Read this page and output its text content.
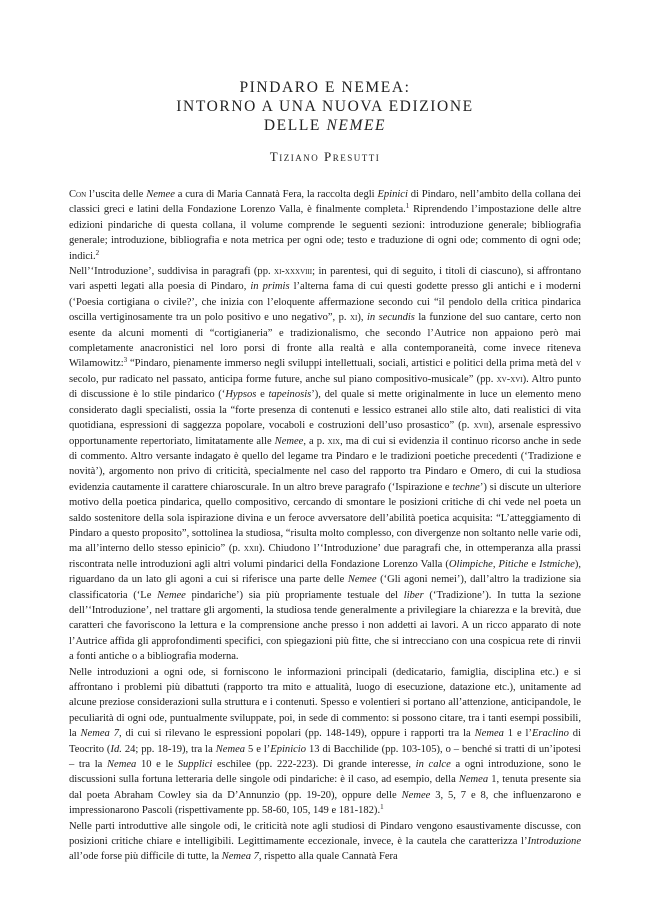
PINDARO E NEMEA:
INTORNO A UNA NUOVA EDIZIONE
DELLE NEMEE
Tiziano Presutti

Con l’uscita delle Nemee a cura di Maria Cannatà Fera, la raccolta degli Epinici di Pindaro, nell’ambito della collana dei classici greci e latini della Fondazione Lorenzo Valla, è finalmente completa.$^1$ Riprendendo l’impostazione delle altre edizioni pindariche di questa collana, il volume comprende le seguenti sezioni: introduzione generale; bibliografia generale; introduzione, bibliografia e nota metrica per ogni ode; testo e traduzione di ogni ode; commento di ogni ode; indici.$^2$

Nell’‘Introduzione’, suddivisa in paragrafi (pp. xi-xxxviii; in parentesi, qui di seguito, i titoli di ciascuno), si affrontano vari aspetti legati alla poesia di Pindaro, in primis l’alterna fama di cui questi godette presso gli antichi e i moderni (‘Poesia cortigiana o civile?’, che inizia con l’eloquente affermazione secondo cui “il pendolo della critica pindarica oscilla vertiginosamente tra un polo positivo e uno negativo”, p. xi), in secundis la funzione del suo cantare, certo non esente da alcuni momenti di “cortigianeria” e tradizionalismo, che secondo l’Autrice non appaiono però mai completamente anacronistici nel loro porsi di fronte alla realtà e alla contemporaneità, come invece riteneva Wilamowitz:$^3$ “Pindaro, pienamente immerso negli sviluppi intellettuali, sociali, artistici e politici della prima metà del v secolo, pur radicato nel passato, anticipa forme future, anche sul piano compositivo-musicale” (pp. xv-xvi). Altro punto di discussione è lo stile pindarico (‘Hypsos e tapeinosis’), del quale si mette originalmente in luce un elemento meno considerato dagli specialisti, ossia la “forte presenza di contenuti e lessico estranei allo stile alto, dati realistici di vita quotidiana, espressioni di saggezza popolare, vocaboli e costruzioni dell’uso prosastico” (p. xvii), arsenale espressivo opportunamente repertoriato, limitatamente alle Nemee, a p. xix, ma di cui si evidenzia il continuo ricorso anche in sede di commento. Altro versante indagato è quello del legame tra Pindaro e le tradizioni poetiche precedenti (‘Tradizione e novità’), argomento non privo di criticità, specialmente nel caso del rapporto tra Pindaro e Omero, di cui la studiosa evidenzia cautamente il carattere chiaroscurale. In un altro breve paragrafo (‘Ispirazione e techne’) si discute un ulteriore motivo della poetica pindarica, quello compositivo, cercando di smontare le posizioni critiche di chi vede nel poeta un saldo sostenitore della sola ispirazione divina e un feroce avversatore dell’abilità poetica acquisita: “L’atteggiamento di Pindaro a questo proposito”, sottolinea la studiosa, “risulta molto complesso, con divergenze non soltanto nelle varie odi, ma all’interno dello stesso epinicio” (p. xxii). Chiudono l’‘Introduzione’ due paragrafi che, in ottemperanza alla prassi riscontrata nelle introduzioni agli altri volumi pindarici della Fondazione Lorenzo Valla (Olimpiche, Pitiche e Istmiche), riguardano da un lato gli agoni a cui si riferisce una parte delle Nemee (‘Gli agoni nemei’), dall’altro la tradizione sia classificatoria (‘Le Nemee pindariche’) sia più propriamente testuale del liber (‘Tradizione’). In tutta la sezione dell’‘Introduzione’, nel trattare gli argomenti, la studiosa tende generalmente a privilegiare la chiarezza e la brevità, due caratteri che favoriscono la lettura e la comprensione anche presso i non addetti ai lavori. A un ricco apparato di note l’Autrice affida gli approfondimenti specifici, con spiegazioni più fitte, che si intrecciano con una cospicua rete di rinvii a fonti antiche o a bibliografia moderna.

Nelle introduzioni a ogni ode, si forniscono le informazioni principali (dedicatario, famiglia, disciplina etc.) e si affrontano i problemi più dibattuti (rapporto tra mito e attualità, luogo di esecuzione, datazione etc.), unitamente ad alcune preziose considerazioni sulla struttura e i contenuti. Spesso e volentieri si portano all’attenzione, anticipandole, le peculiarità di ogni ode, puntualmente sviluppate, poi, in sede di commento: si possono citare, tra i tanti esempi possibili, la Nemea 7, di cui si rilevano le espressioni popolari (pp. 148-149), oppure i rapporti tra la Nemea 1 e l’Eraclino di Teocrito (Id. 24; pp. 18-19), tra la Nemea 5 e l’Epinicio 13 di Bacchilide (pp. 103-105), o – benché si tratti di un’ipotesi – tra la Nemea 10 e le Supplici eschilee (pp. 222-223). Di grande interesse, in calce a ogni introduzione, sono le discussioni sulla fortuna letteraria delle singole odi pindariche: è il caso, ad esempio, della Nemea 1, tenuta presente sia dal poeta Abraham Cowley sia da D’Annunzio (pp. 19-20), oppure delle Nemee 3, 5, 7 e 8, che influenzarono e impressionarono Pascoli (rispettivamente pp. 58-60, 105, 149 e 181-182).$^1$

Nelle parti introduttive alle singole odi, le criticità note agli studiosi di Pindaro vengono esaustivamente discusse, con posizioni critiche chiare e intelligibili. Legittimamente eccezionale, invece, è la cautela che caratterizza l’Introduzione all’ode forse più difficile di tutte, la Nemea 7, rispetto alla quale Cannatà Fera
